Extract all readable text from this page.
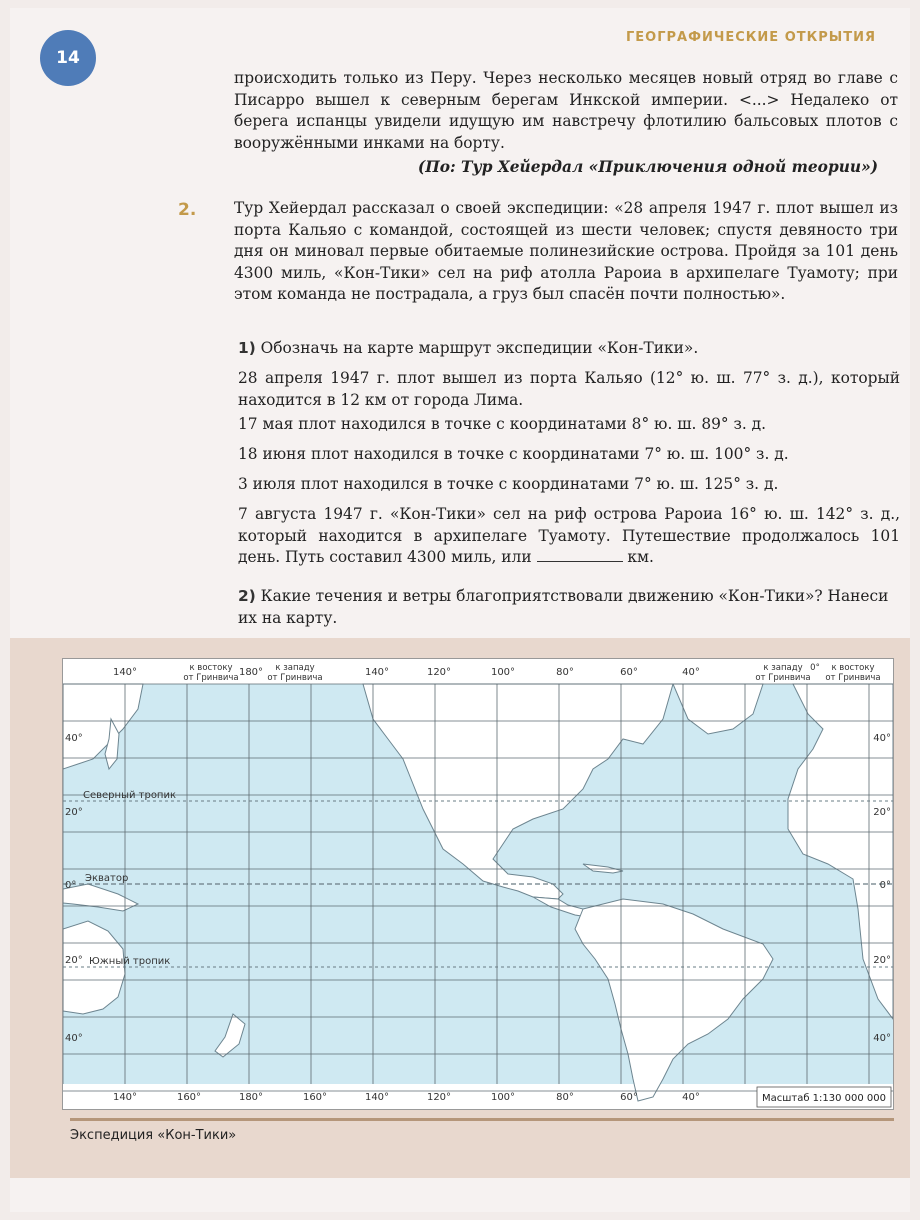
14
ГЕОГРАФИЧЕСКИЕ ОТКРЫТИЯ
происходить только из Перу. Через несколько месяцев новый отряд во главе с Писарро вышел к северным берегам Инкской империи. <...> Недалеко от берега испанцы увидели идущую им навстречу флотилию бальсовых плотов с вооружёнными инками на борту.
(По: Тур Хейердал «Приключения одной теории»)
2. Тур Хейердал рассказал о своей экспедиции: «28 апреля 1947 г. плот вышел из порта Кальяо с командой, состоящей из шести человек; спустя девяносто три дня он миновал первые обитаемые полинезийские острова. Пройдя за 101 день 4300 миль, «Кон-Тики» сел на риф атолла Рароиа в архипелаге Туамоту; при этом команда не пострадала, а груз был спасён почти полностью».
1) Обозначь на карте маршрут экспедиции «Кон-Тики».
28 апреля 1947 г. плот вышел из порта Кальяо (12° ю. ш. 77° з. д.), который находится в 12 км от города Лима.
17 мая плот находился в точке с координатами 8° ю. ш. 89° з. д.
18 июня плот находился в точке с координатами 7° ю. ш. 100° з. д.
3 июля плот находился в точке с координатами 7° ю. ш. 125° з. д.
7 августа 1947 г. «Кон-Тики» сел на риф острова Рароиа 16° ю. ш. 142° з. д., который находится в архипелаге Туамоту. Путешествие продолжалось 101 день. Путь составил 4300 миль, или	км.
2) Какие течения и ветры благоприятствовали движению «Кон-Тики»? Нанеси их на карту.
140°	180°	140°	120°	100°	80°	60°	40°
к востоку
от Гринвича
к западу
от Гринвича
к западу
от Гринвича
0° к востоку
от Гринвича
140°	160°	180°	160°	140°	120°	100°	80°	60°	40°
40°
20°
0°
20°
40°
40°
20°
0°
20°
40°
Северный тропик
Экватор
Южный тропик
Масштаб 1:130 000 000
Экспедиция «Кон-Тики»
